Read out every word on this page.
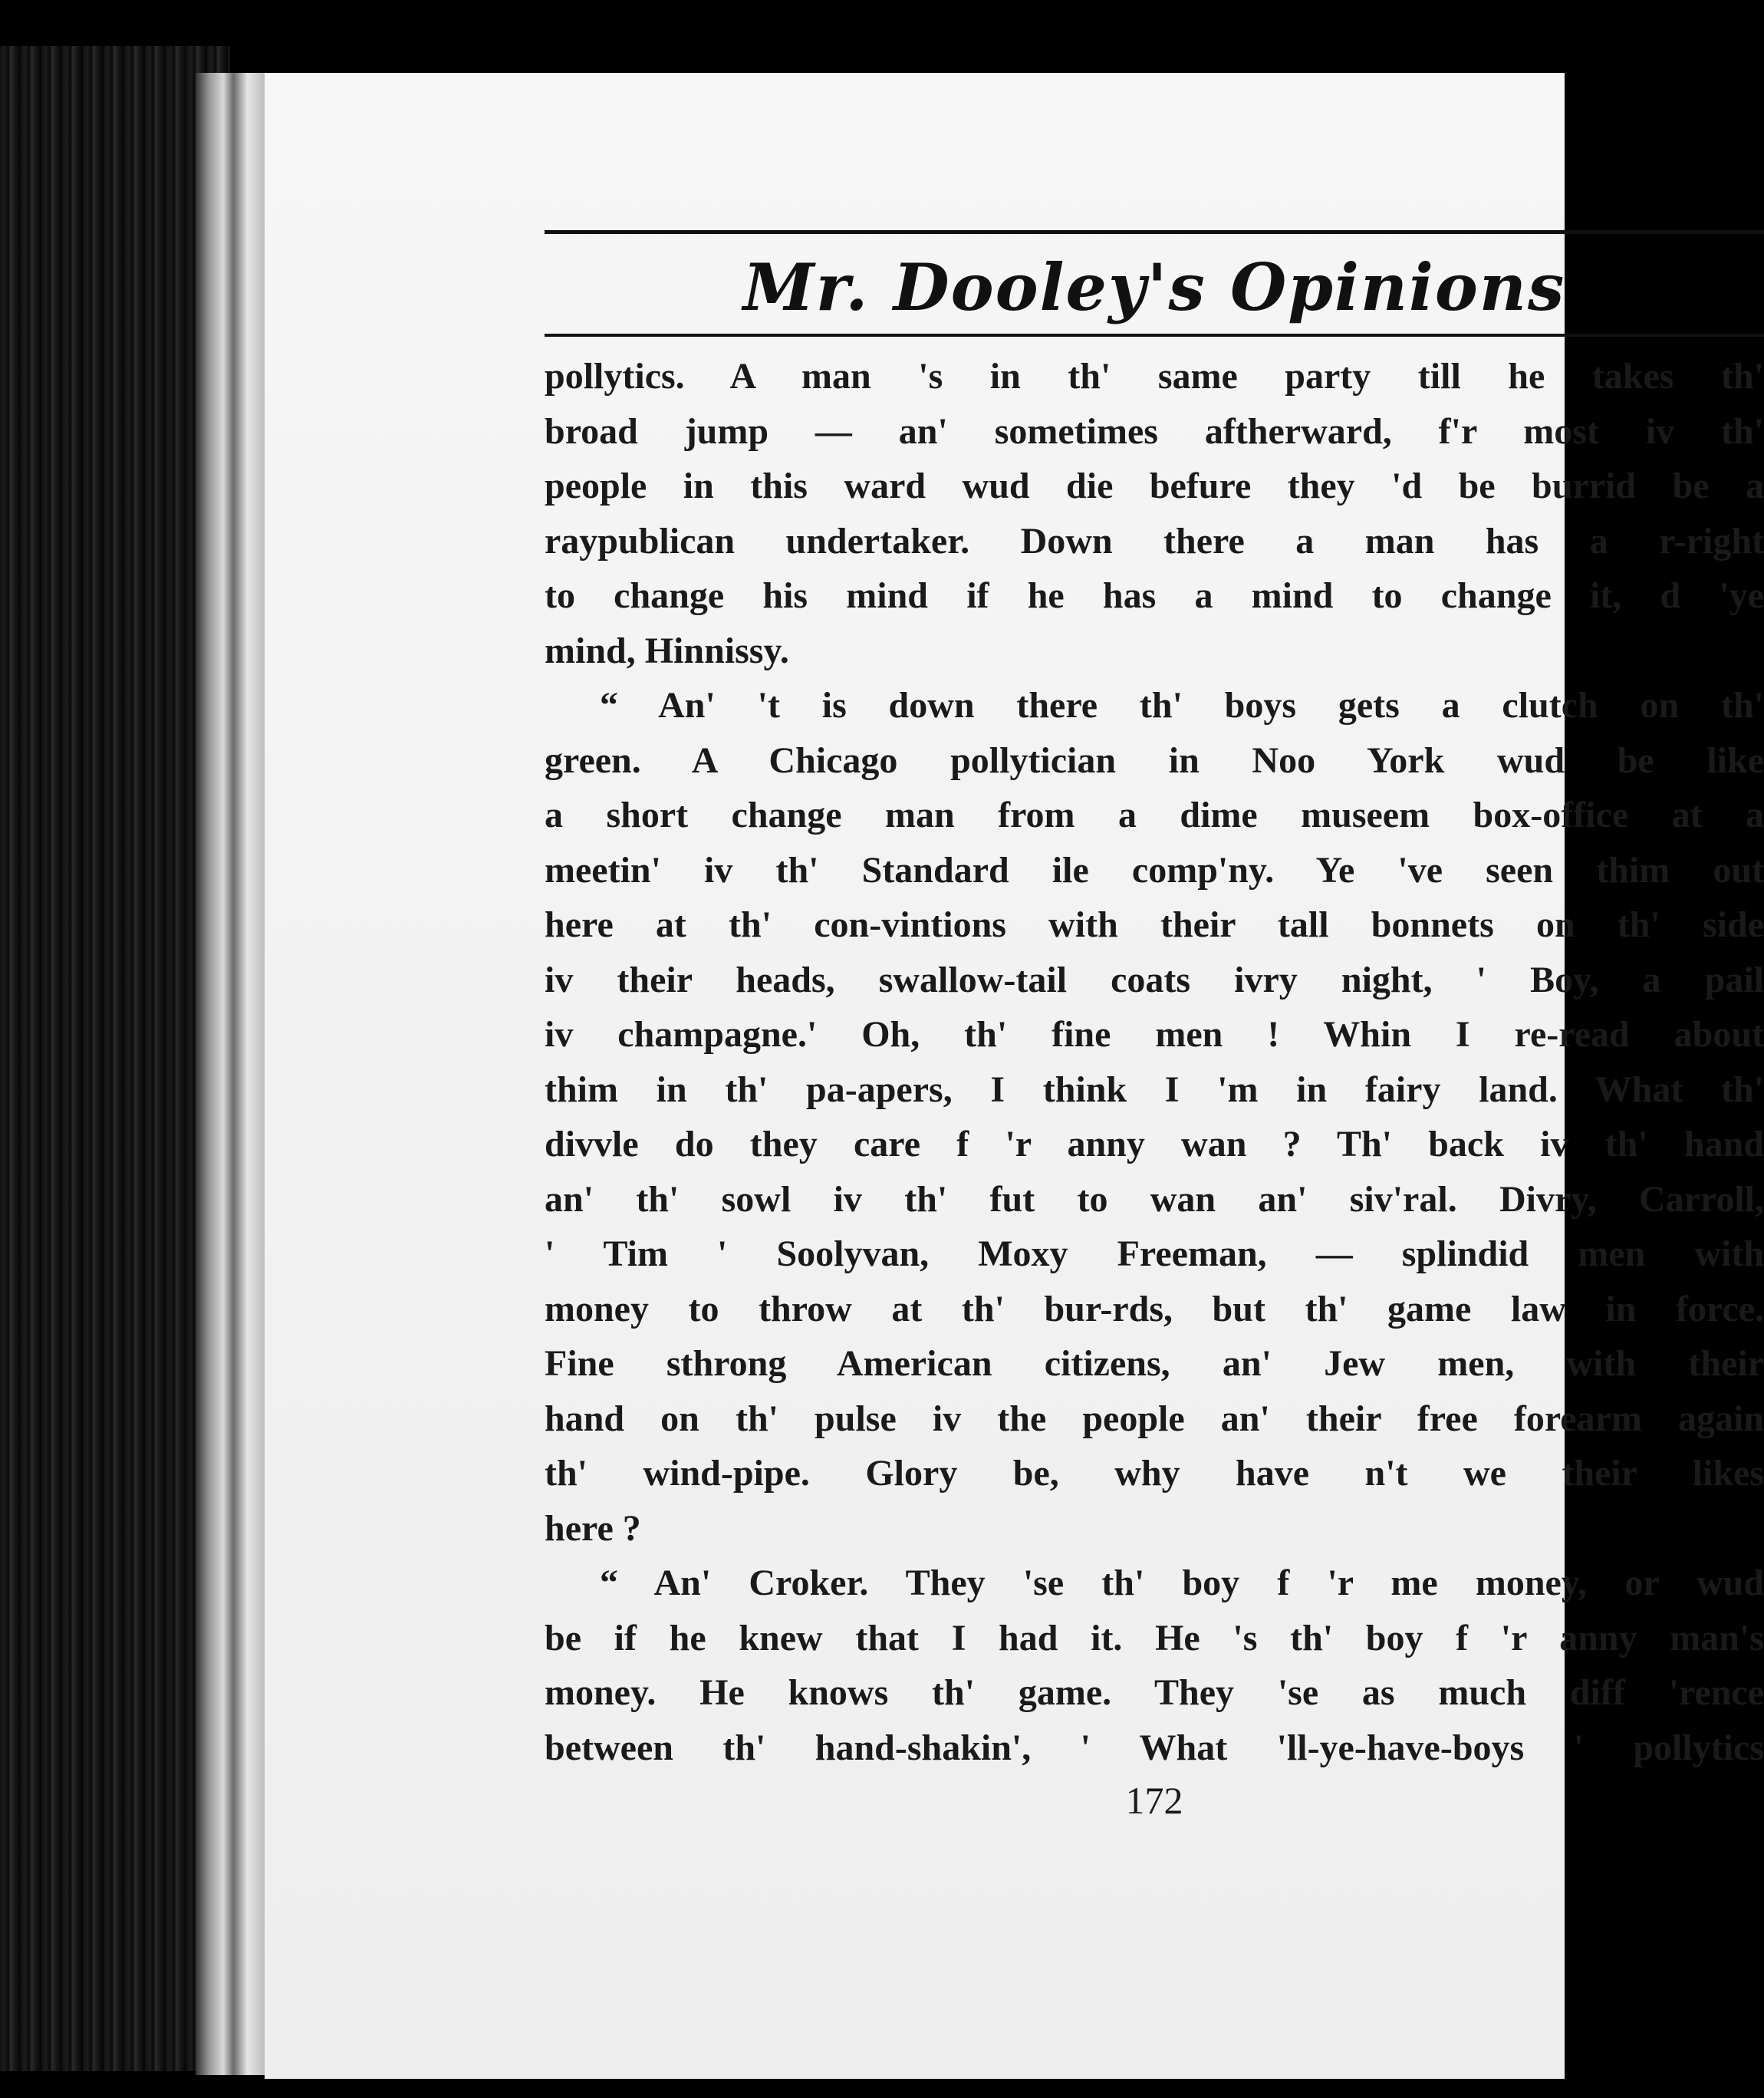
Mr. Dooley's Opinions
pollytics. A man 's in th' same party till he takes th'
broad jump — an' sometimes aftherward, f'r most iv th'
people in this ward wud die befure they 'd be burrid be a
raypublican undertaker. Down there a man has a r-right
to change his mind if he has a mind to change it, d 'ye
mind, Hinnissy.
“ An' 't is down there th' boys gets a clutch on th'
green. A Chicago pollytician in Noo York wud be like
a short change man from a dime museem box-office at a
meetin' iv th' Standard ile comp'ny. Ye 've seen thim out
here at th' con-vintions with their tall bonnets on th' side
iv their heads, swallow-tail coats ivry night, ' Boy, a pail
iv champagne.' Oh, th' fine men ! Whin I re-read about
thim in th' pa-apers, I think I 'm in fairy land. What th'
divvle do they care f 'r anny wan ? Th' back iv th' hand
an' th' sowl iv th' fut to wan an' siv'ral. Divry, Carroll,
' Tim ' Soolyvan, Moxy Freeman, — splindid men with
money to throw at th' bur-rds, but th' game law in force.
Fine sthrong American citizens, an' Jew men, with their
hand on th' pulse iv the people an' their free forearm again
th' wind-pipe. Glory be, why have n't we their likes
here ?
“ An' Croker. They 'se th' boy f 'r me money, or wud
be if he knew that I had it. He 's th' boy f 'r anny man's
money. He knows th' game. They 'se as much diff 'rence
between th' hand-shakin', ' What 'll-ye-have-boys ' pollytics
172
